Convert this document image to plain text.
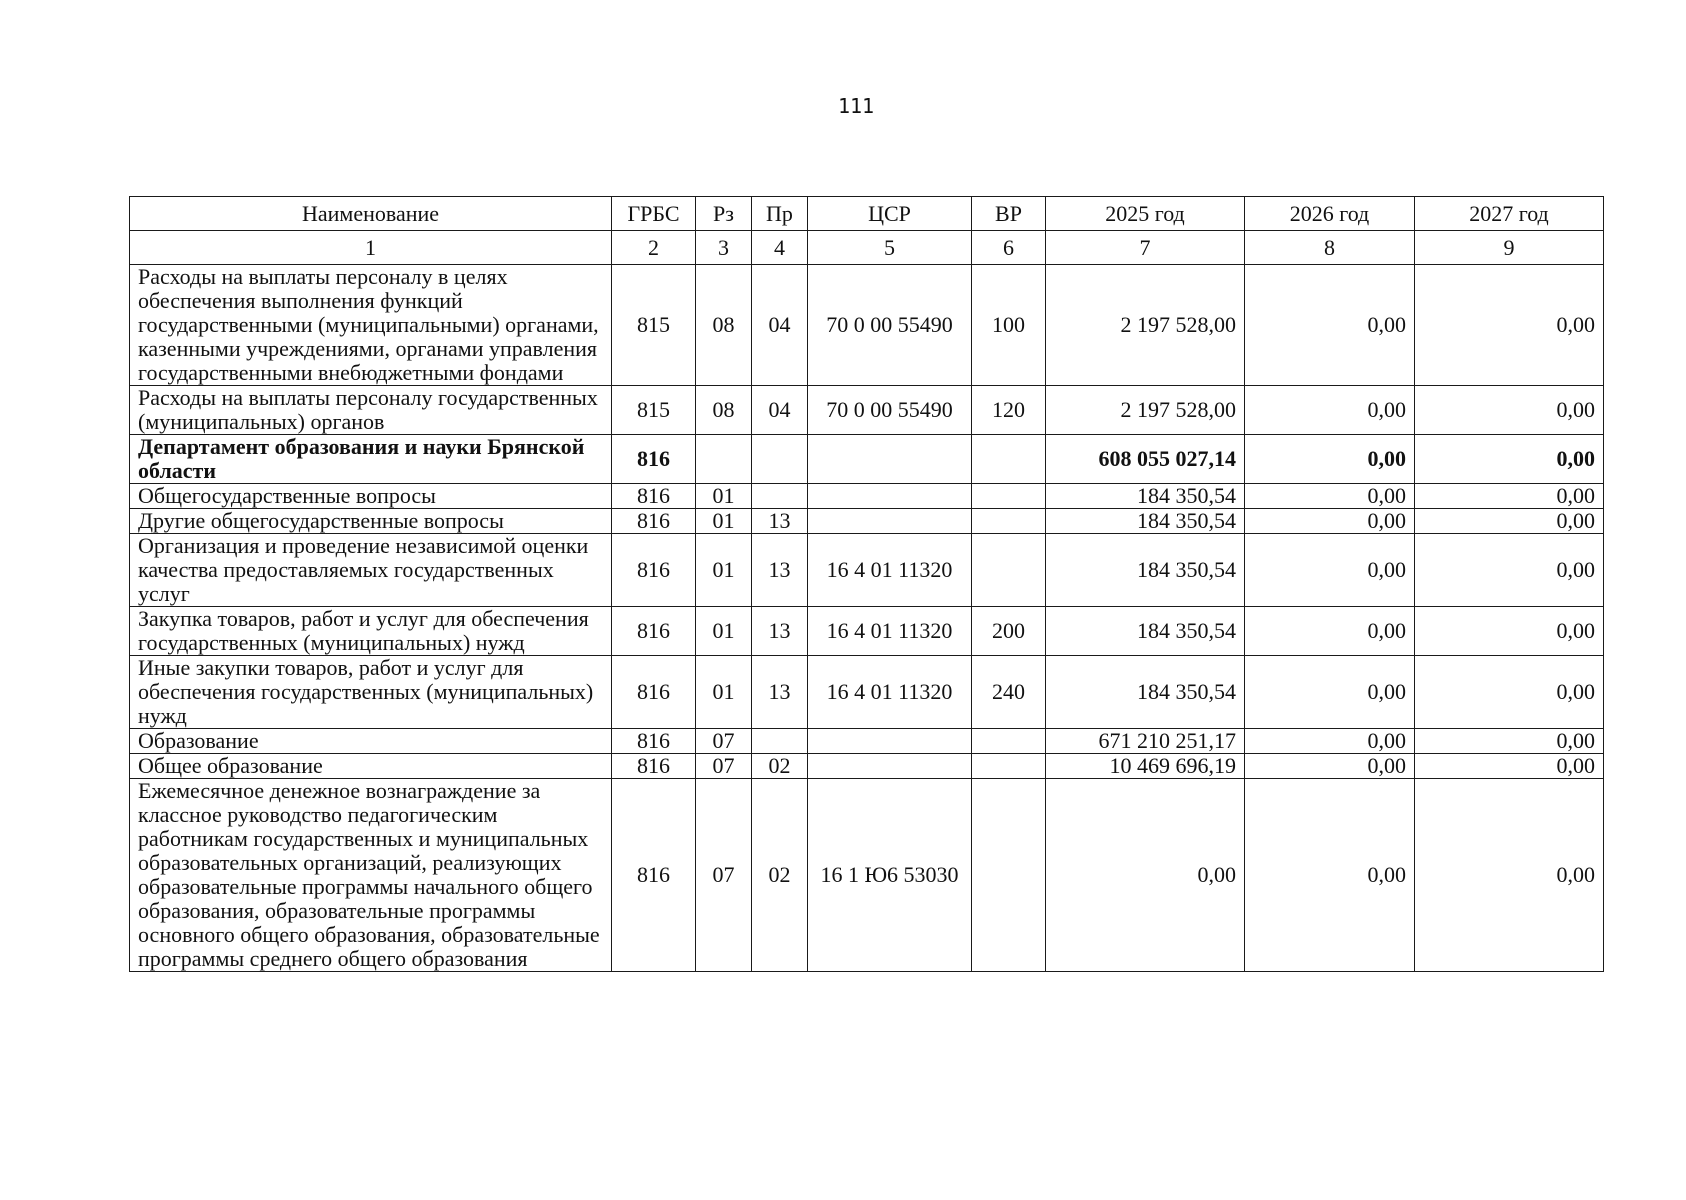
111
Наименование	ГРБС	Рз	Пр	ЦСР	ВР	2025 год	2026 год	2027 год
1	2	3	4	5	6	7	8	9
Расходы на выплаты персоналу в целях обеспечения выполнения функций государственными (муниципальными) органами, казенными учреждениями, органами управления государственными внебюджетными фондами	815	08	04	70 0 00 55490	100	2 197 528,00	0,00	0,00
Расходы на выплаты персоналу государственных (муниципальных) органов	815	08	04	70 0 00 55490	120	2 197 528,00	0,00	0,00
Департамент образования и науки Брянской области	816					608 055 027,14	0,00	0,00
Общегосударственные вопросы	816	01				184 350,54	0,00	0,00
Другие общегосударственные вопросы	816	01	13			184 350,54	0,00	0,00
Организация и проведение независимой оценки качества предоставляемых государственных услуг	816	01	13	16 4 01 11320		184 350,54	0,00	0,00
Закупка товаров, работ и услуг для обеспечения государственных (муниципальных) нужд	816	01	13	16 4 01 11320	200	184 350,54	0,00	0,00
Иные закупки товаров, работ и услуг для обеспечения государственных (муниципальных) нужд	816	01	13	16 4 01 11320	240	184 350,54	0,00	0,00
Образование	816	07				671 210 251,17	0,00	0,00
Общее образование	816	07	02			10 469 696,19	0,00	0,00
Ежемесячное денежное вознаграждение за классное руководство педагогическим работникам государственных и муниципальных образовательных организаций, реализующих образовательные программы начального общего образования, образовательные программы основного общего образования, образовательные программы среднего общего образования	816	07	02	16 1 Ю6 53030		0,00	0,00	0,00
